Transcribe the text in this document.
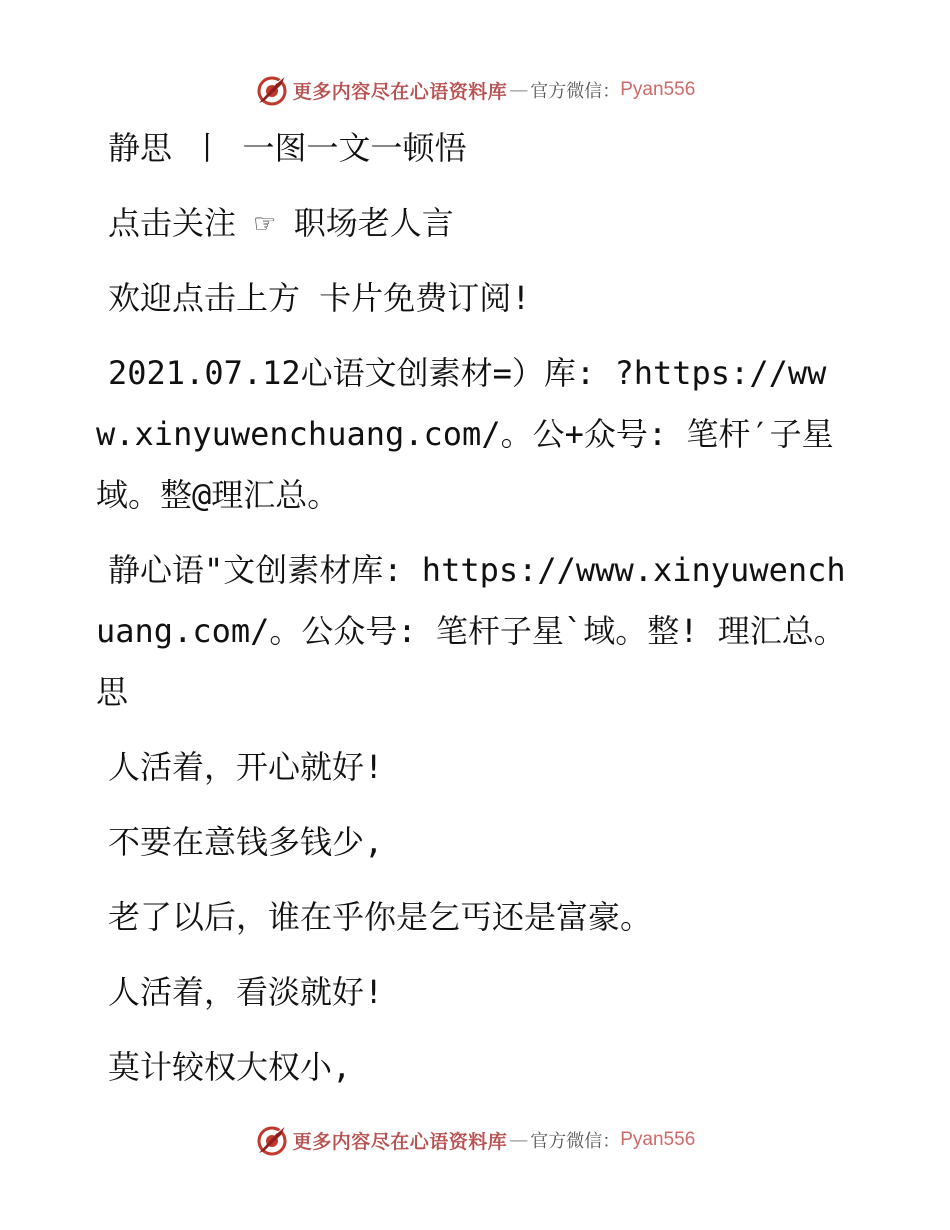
更多内容尽在心语资料库 — 官方微信： Pyan556

静思 丨 一图一文一顿悟

点击关注 ☞ 职场老人言

欢迎点击上方 卡片免费订阅!

2021.07.12心语文创素材=）库: ?https://www.xinyuwenchuang.com/。公+众号: 笔杆′子星域。整@理汇总。

静心语"文创素材库: https://www.xinyuwenchuang.com/。公众号: 笔杆子星`域。整! 理汇总。 思

人活着，开心就好!

不要在意钱多钱少,

老了以后，谁在乎你是乞丐还是富豪。

人活着，看淡就好!

莫计较权大权小,

更多内容尽在心语资料库 — 官方微信： Pyan556
